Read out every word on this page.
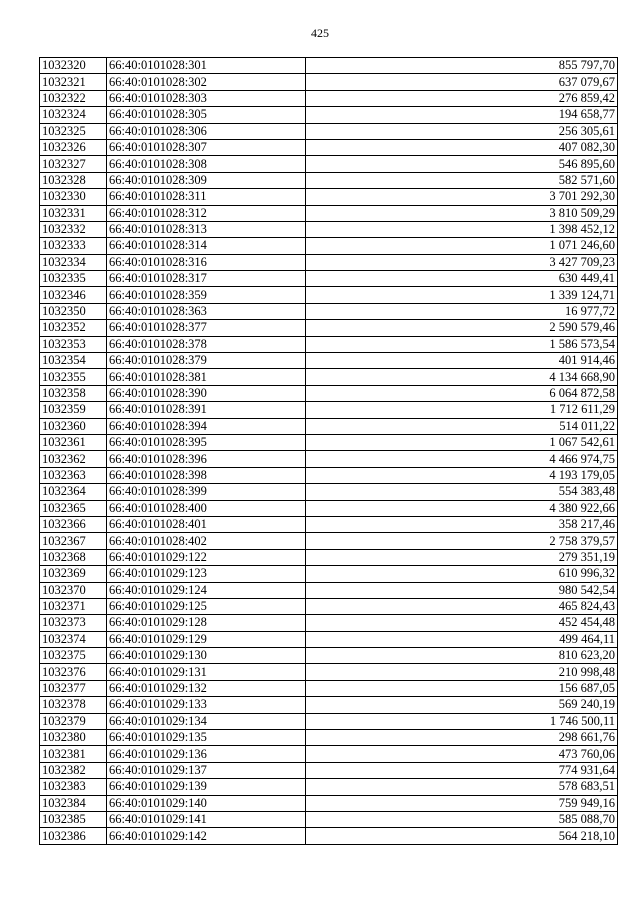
425
1032320	66:40:0101028:301	855 797,70
1032321	66:40:0101028:302	637 079,67
1032322	66:40:0101028:303	276 859,42
1032324	66:40:0101028:305	194 658,77
1032325	66:40:0101028:306	256 305,61
1032326	66:40:0101028:307	407 082,30
1032327	66:40:0101028:308	546 895,60
1032328	66:40:0101028:309	582 571,60
1032330	66:40:0101028:311	3 701 292,30
1032331	66:40:0101028:312	3 810 509,29
1032332	66:40:0101028:313	1 398 452,12
1032333	66:40:0101028:314	1 071 246,60
1032334	66:40:0101028:316	3 427 709,23
1032335	66:40:0101028:317	630 449,41
1032346	66:40:0101028:359	1 339 124,71
1032350	66:40:0101028:363	16 977,72
1032352	66:40:0101028:377	2 590 579,46
1032353	66:40:0101028:378	1 586 573,54
1032354	66:40:0101028:379	401 914,46
1032355	66:40:0101028:381	4 134 668,90
1032358	66:40:0101028:390	6 064 872,58
1032359	66:40:0101028:391	1 712 611,29
1032360	66:40:0101028:394	514 011,22
1032361	66:40:0101028:395	1 067 542,61
1032362	66:40:0101028:396	4 466 974,75
1032363	66:40:0101028:398	4 193 179,05
1032364	66:40:0101028:399	554 383,48
1032365	66:40:0101028:400	4 380 922,66
1032366	66:40:0101028:401	358 217,46
1032367	66:40:0101028:402	2 758 379,57
1032368	66:40:0101029:122	279 351,19
1032369	66:40:0101029:123	610 996,32
1032370	66:40:0101029:124	980 542,54
1032371	66:40:0101029:125	465 824,43
1032373	66:40:0101029:128	452 454,48
1032374	66:40:0101029:129	499 464,11
1032375	66:40:0101029:130	810 623,20
1032376	66:40:0101029:131	210 998,48
1032377	66:40:0101029:132	156 687,05
1032378	66:40:0101029:133	569 240,19
1032379	66:40:0101029:134	1 746 500,11
1032380	66:40:0101029:135	298 661,76
1032381	66:40:0101029:136	473 760,06
1032382	66:40:0101029:137	774 931,64
1032383	66:40:0101029:139	578 683,51
1032384	66:40:0101029:140	759 949,16
1032385	66:40:0101029:141	585 088,70
1032386	66:40:0101029:142	564 218,10
